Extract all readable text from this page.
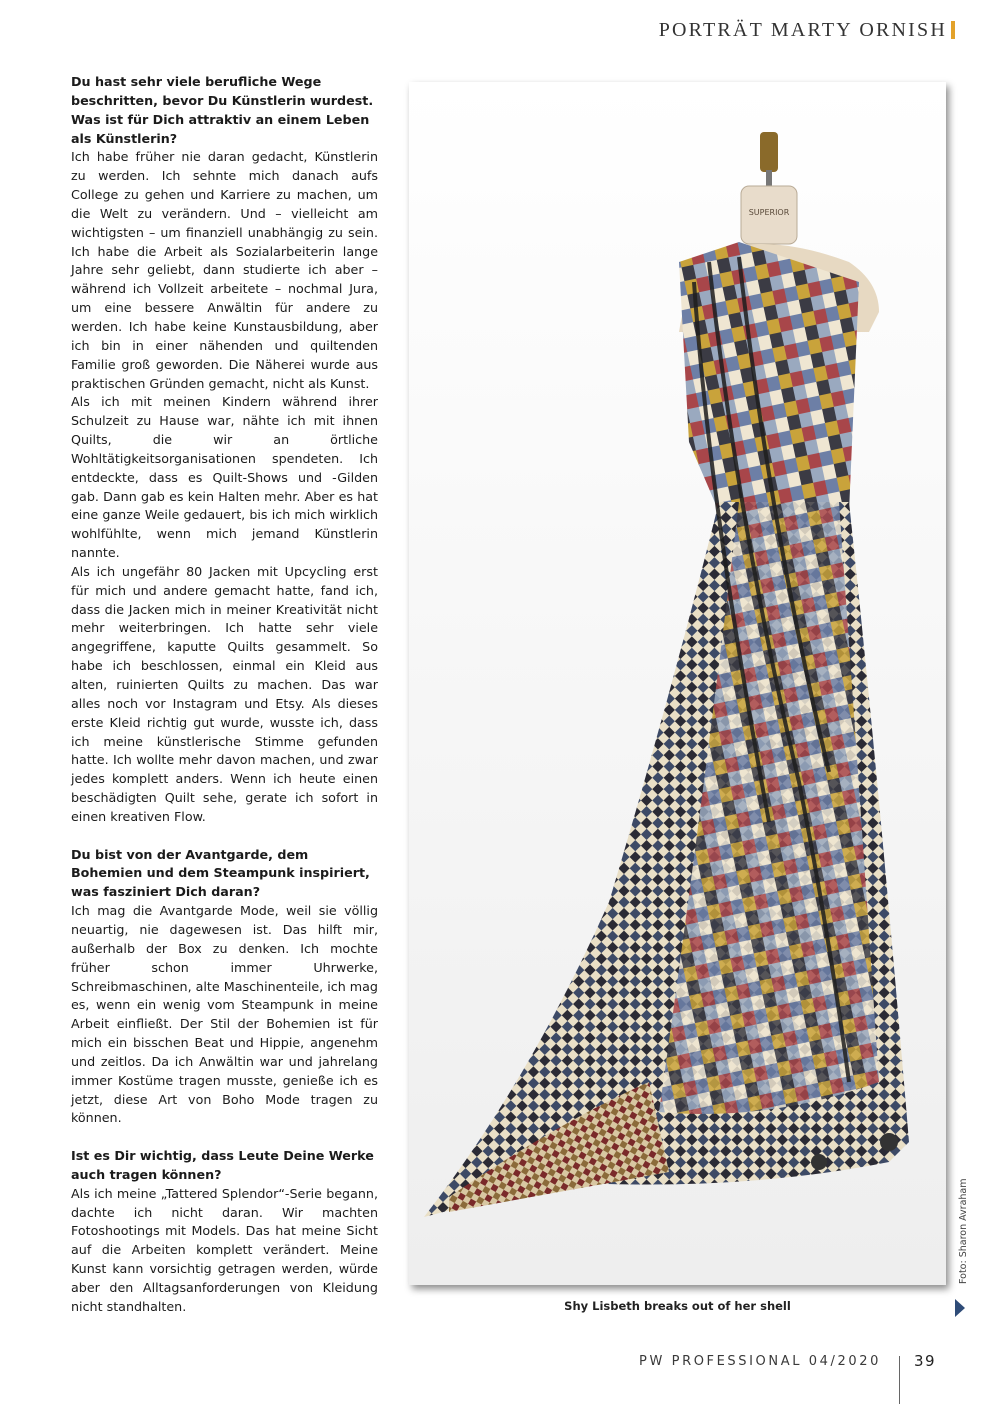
PORTRÄT MARTY ORNISH

Du hast sehr viele berufliche Wege beschritten, bevor Du Künstlerin wurdest. Was ist für Dich attraktiv an einem Leben als Künstlerin?

Ich habe früher nie daran gedacht, Künstlerin zu werden. Ich sehnte mich danach aufs College zu gehen und Karriere zu machen, um die Welt zu verändern. Und – vielleicht am wichtigsten – um finanziell unabhängig zu sein. Ich habe die Arbeit als Sozialarbeiterin lange Jahre sehr geliebt, dann studierte ich aber – während ich Vollzeit arbeitete – nochmal Jura, um eine bessere Anwältin für andere zu werden. Ich habe keine Kunstausbildung, aber ich bin in einer nähenden und quiltenden Familie groß geworden. Die Näherei wurde aus praktischen Gründen gemacht, nicht als Kunst.

Als ich mit meinen Kindern während ihrer Schulzeit zu Hause war, nähte ich mit ihnen Quilts, die wir an örtliche Wohltätigkeitsorganisationen spendeten. Ich entdeckte, dass es Quilt-Shows und -Gilden gab. Dann gab es kein Halten mehr. Aber es hat eine ganze Weile gedauert, bis ich mich wirklich wohlfühlte, wenn mich jemand Künstlerin nannte.

Als ich ungefähr 80 Jacken mit Upcycling erst für mich und andere gemacht hatte, fand ich, dass die Jacken mich in meiner Kreativität nicht mehr weiterbringen. Ich hatte sehr viele angegriffene, kaputte Quilts gesammelt. So habe ich beschlossen, einmal ein Kleid aus alten, ruinierten Quilts zu machen. Das war alles noch vor Instagram und Etsy. Als dieses erste Kleid richtig gut wurde, wusste ich, dass ich meine künstlerische Stimme gefunden hatte. Ich wollte mehr davon machen, und zwar jedes komplett anders. Wenn ich heute einen beschädigten Quilt sehe, gerate ich sofort in einen kreativen Flow.

Du bist von der Avantgarde, dem Bohemien und dem Steampunk inspiriert, was fasziniert Dich daran?

Ich mag die Avantgarde Mode, weil sie völlig neuartig, nie dagewesen ist. Das hilft mir, außerhalb der Box zu denken. Ich mochte früher schon immer Uhrwerke, Schreibmaschinen, alte Maschinenteile, ich mag es, wenn ein wenig vom Steampunk in meine Arbeit einfließt. Der Stil der Bohemien ist für mich ein bisschen Beat und Hippie, angenehm und zeitlos. Da ich Anwältin war und jahrelang immer Kostüme tragen musste, genieße ich es jetzt, diese Art von Boho Mode tragen zu können.

Ist es Dir wichtig, dass Leute Deine Werke auch tragen können?

Als ich meine „Tattered Splendor“-Serie begann, dachte ich nicht daran. Wir machten Fotoshootings mit Models. Das hat meine Sicht auf die Arbeiten komplett verändert. Meine Kunst kann vorsichtig getragen werden, würde aber den Alltagsanforderungen von Kleidung nicht standhalten.

SUPERIOR
Foto: Sharon Avraham
Shy Lisbeth breaks out of her shell
PW PROFESSIONAL 04/2020 39
